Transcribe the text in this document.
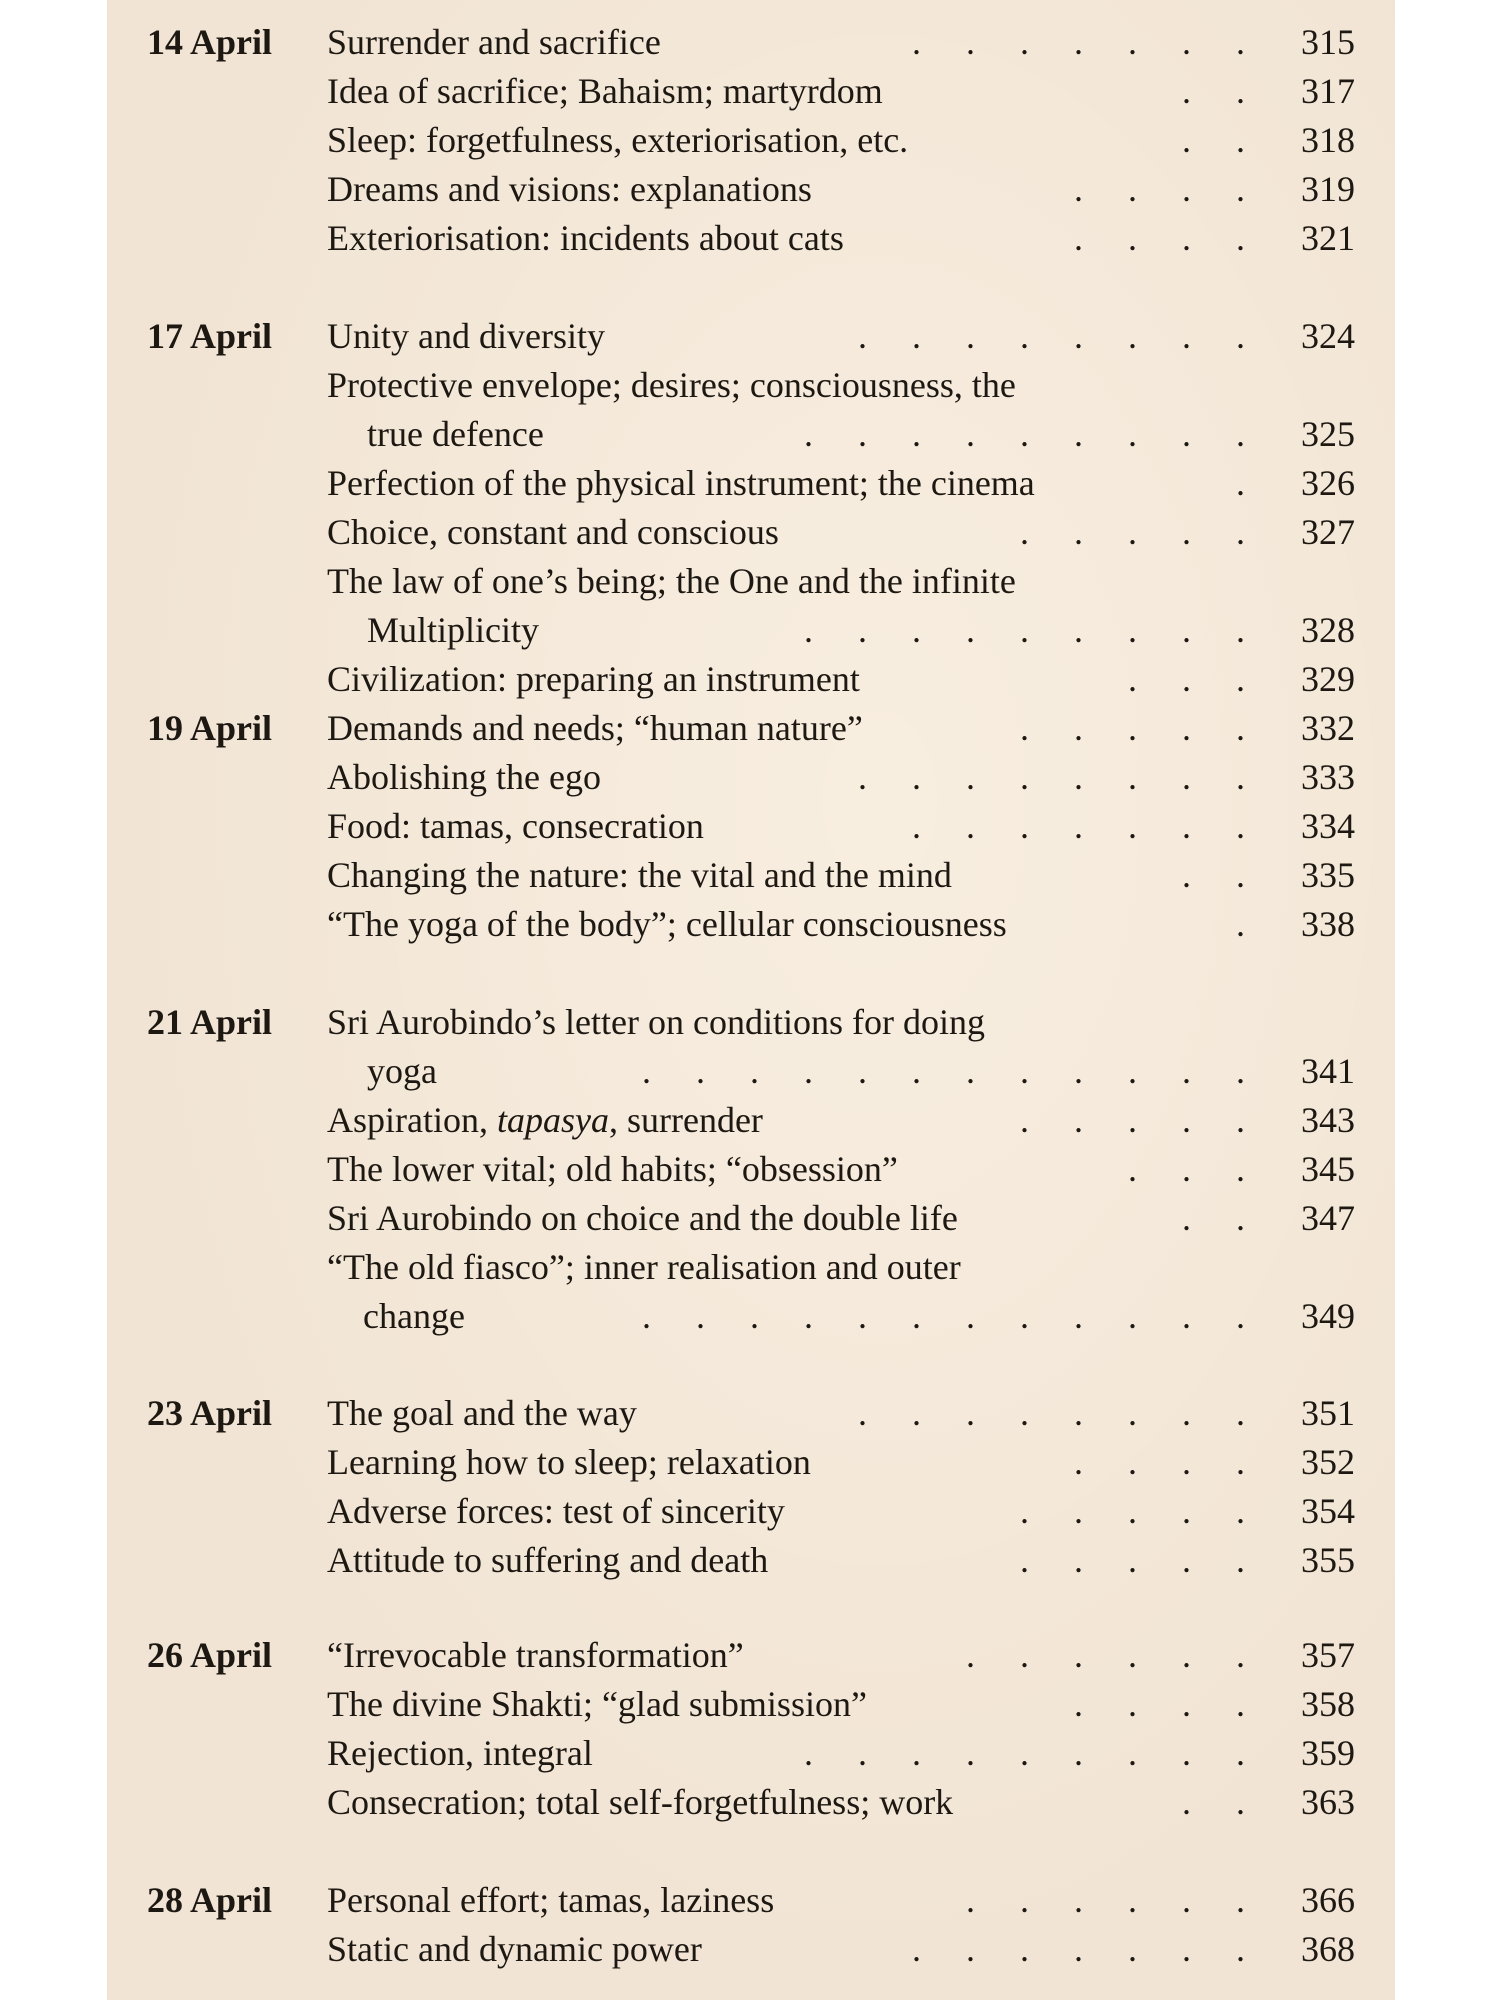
14 April Surrender and sacrifice	.     .     .     .     .     .     .	315
Idea of sacrifice; Bahaism; martyrdom	.     .	317
Sleep: forgetfulness, exteriorisation, etc.	.     .	318
Dreams and visions: explanations	.     .     .     .	319
Exteriorisation: incidents about cats	.     .     .     .	321
17 April Unity and diversity	.     .     .     .     .     .     .     .	324
Protective envelope; desires; consciousness, the
true defence	.     .     .     .     .     .     .     .     .	325
Perfection of the physical instrument; the cinema	.	326
Choice, constant and conscious	.     .     .     .     .	327
The law of one’s being; the One and the infinite
Multiplicity	.     .     .     .     .     .     .     .     .	328
Civilization: preparing an instrument	.     .     .	329
19 April Demands and needs; “human nature”	.     .     .     .     .	332
Abolishing the ego	.     .     .     .     .     .     .     .	333
Food: tamas, consecration	.     .     .     .     .     .     .	334
Changing the nature: the vital and the mind	.     .	335
“The yoga of the body”; cellular consciousness	.	338
21 April Sri Aurobindo’s letter on conditions for doing
yoga	.     .     .     .     .     .     .     .     .     .     .     .	341
Aspiration, tapasya, surrender	.     .     .     .     .	343
The lower vital; old habits; “obsession”	.     .     .	345
Sri Aurobindo on choice and the double life	.     .	347
“The old fiasco”; inner realisation and outer
change	.     .     .     .     .     .     .     .     .     .     .     .	349
23 April The goal and the way	.     .     .     .     .     .     .     .	351
Learning how to sleep; relaxation	.     .     .     .	352
Adverse forces: test of sincerity	.     .     .     .     .	354
Attitude to suffering and death	.     .     .     .     .	355
26 April “Irrevocable transformation”	.     .     .     .     .     .	357
The divine Shakti; “glad submission”	.     .     .     .	358
Rejection, integral	.     .     .     .     .     .     .     .     .	359
Consecration; total self-forgetfulness; work	.     .	363
28 April Personal effort; tamas, laziness	.     .     .     .     .     .	366
Static and dynamic power	.     .     .     .     .     .     .	368
